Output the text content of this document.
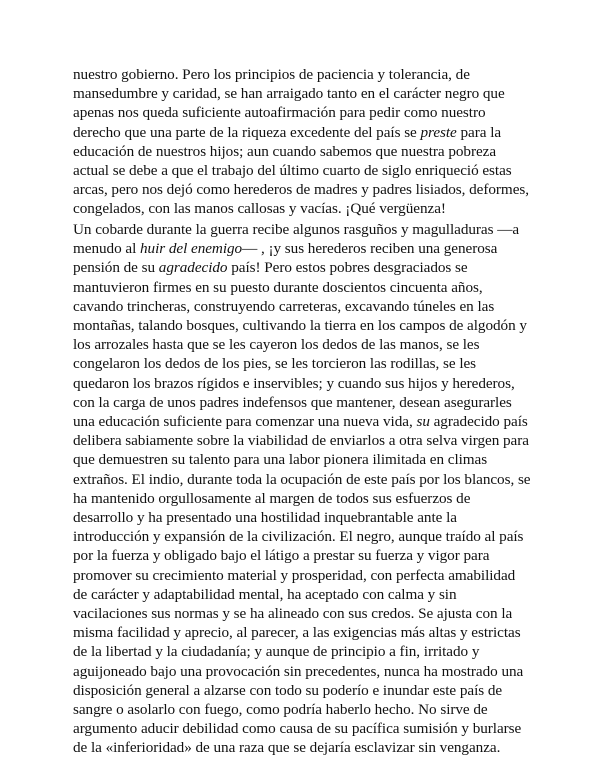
nuestro gobierno. Pero los principios de paciencia y tolerancia, de
mansedumbre y caridad, se han arraigado tanto en el carácter negro que
apenas nos queda suficiente autoafirmación para pedir como nuestro
derecho que una parte de la riqueza excedente del país se preste para la
educación de nuestros hijos; aun cuando sabemos que nuestra pobreza
actual se debe a que el trabajo del último cuarto de siglo enriqueció estas
arcas, pero nos dejó como herederos de madres y padres lisiados, deformes,
congelados, con las manos callosas y vacías. ¡Qué vergüenza!
Un cobarde durante la guerra recibe algunos rasguños y magulladuras —a
menudo al huir del enemigo— , ¡y sus herederos reciben una generosa
pensión de su agradecido país! Pero estos pobres desgraciados se
mantuvieron firmes en su puesto durante doscientos cincuenta años,
cavando trincheras, construyendo carreteras, excavando túneles en las
montañas, talando bosques, cultivando la tierra en los campos de algodón y
los arrozales hasta que se les cayeron los dedos de las manos, se les
congelaron los dedos de los pies, se les torcieron las rodillas, se les
quedaron los brazos rígidos e inservibles; y cuando sus hijos y herederos,
con la carga de unos padres indefensos que mantener, desean asegurarles
una educación suficiente para comenzar una nueva vida, su agradecido país
delibera sabiamente sobre la viabilidad de enviarlos a otra selva virgen para
que demuestren su talento para una labor pionera ilimitada en climas
extraños. El indio, durante toda la ocupación de este país por los blancos, se
ha mantenido orgullosamente al margen de todos sus esfuerzos de
desarrollo y ha presentado una hostilidad inquebrantable ante la
introducción y expansión de la civilización. El negro, aunque traído al país
por la fuerza y obligado bajo el látigo a prestar su fuerza y vigor para
promover su crecimiento material y prosperidad, con perfecta amabilidad
de carácter y adaptabilidad mental, ha aceptado con calma y sin
vacilaciones sus normas y se ha alineado con sus credos. Se ajusta con la
misma facilidad y aprecio, al parecer, a las exigencias más altas y estrictas
de la libertad y la ciudadanía; y aunque de principio a fin, irritado y
aguijoneado bajo una provocación sin precedentes, nunca ha mostrado una
disposición general a alzarse con todo su poderío e inundar este país de
sangre o asolarlo con fuego, como podría haberlo hecho. No sirve de
argumento aducir debilidad como causa de su pacífica sumisión y burlarse
de la «inferioridad» de una raza que se dejaría esclavizar sin venganza.
